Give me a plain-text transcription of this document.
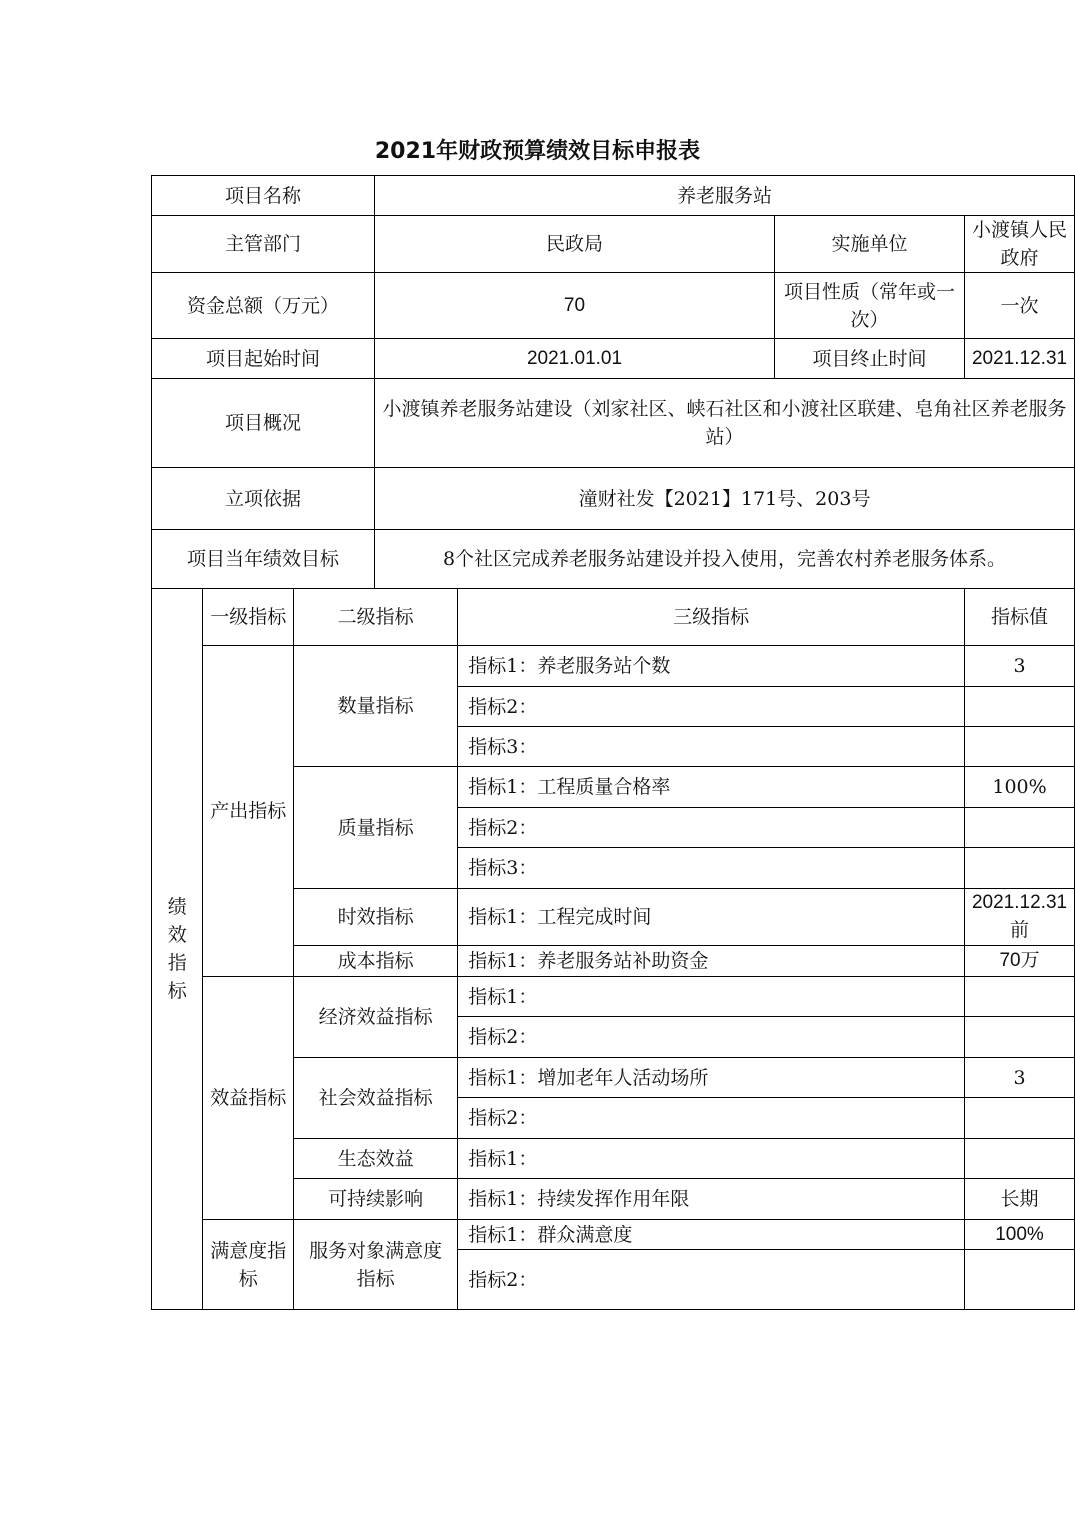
2021年财政预算绩效目标申报表
项目名称			养老服务站			
主管部门			民政局		实施单位	小渡镇人民政府
资金总额（万元）			70		项目性质（常年或一次）	一次
项目起始时间			2021.01.01		项目终止时间	2021.12.31
项目概况			小渡镇养老服务站建设（刘家社区、峡石社区和小渡社区联建、皂角社区养老服务站）			
立项依据			潼财社发【2021】171号、203号			
项目当年绩效目标			8个社区完成养老服务站建设并投入使用，完善农村养老服务体系。			
绩效指标	一级指标	二级指标		三级指标		指标值
	产出指标	数量指标		指标1：养老服务站个数		3
				指标2：		
				指标3：		
		质量指标		指标1：工程质量合格率		100%
				指标2：		
				指标3：		
		时效指标		指标1：工程完成时间		2021.12.31前
		成本指标		指标1：养老服务站补助资金		70万
	效益指标	经济效益指标		指标1：		
				指标2：		
		社会效益指标		指标1：增加老年人活动场所		3
				指标2：		
		生态效益		指标1：		
		可持续影响		指标1：持续发挥作用年限		长期
	满意度指标	服务对象满意度指标		指标1：群众满意度		100%
				指标2：		
